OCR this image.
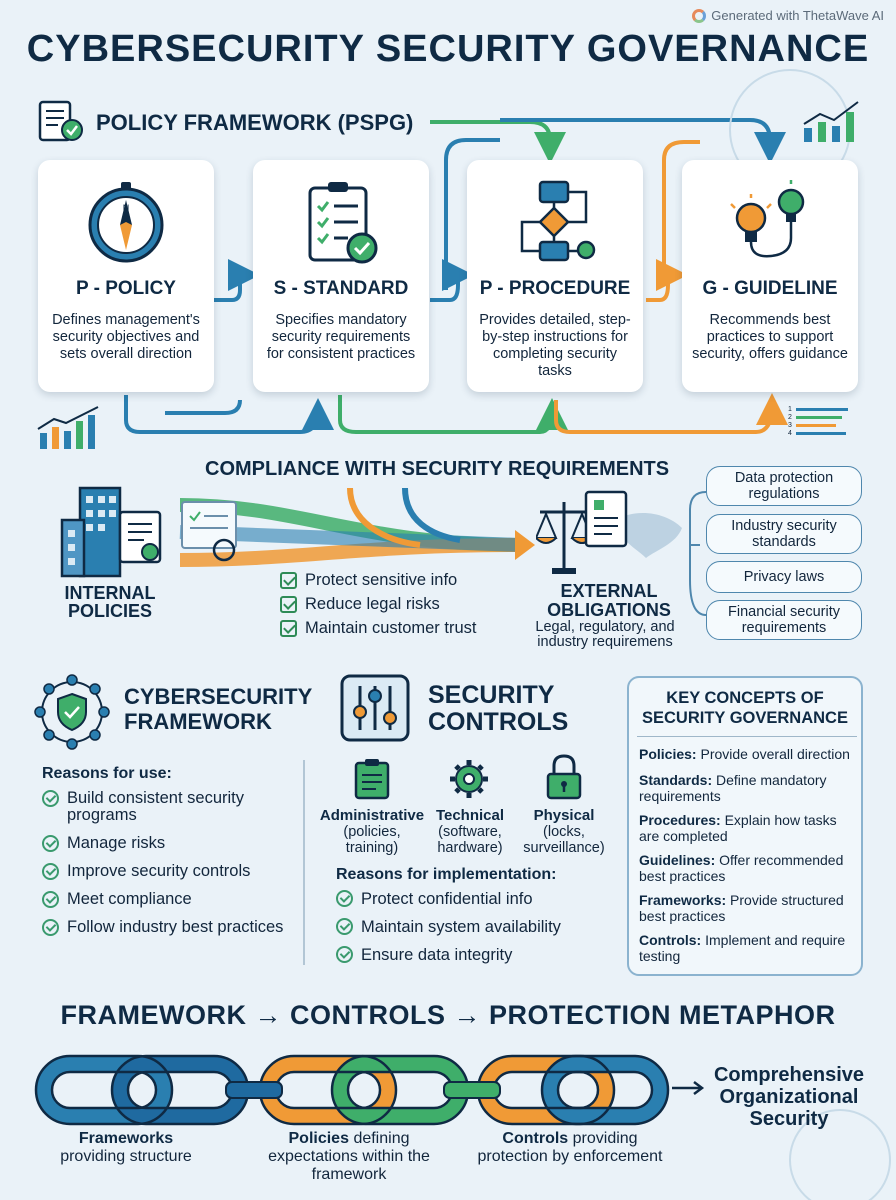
Generated with ThetaWave AI
CYBERSECURITY SECURITY GOVERNANCE
POLICY FRAMEWORK (PSPG)
N
P - POLICY
Defines management's security objectives and sets overall direction
S - STANDARD
Specifies mandatory security requirements for consistent practices
P - PROCEDURE
Provides detailed, step-by-step instructions for completing security tasks
G - GUIDELINE
Recommends best practices to support security, offers guidance
1
2
3
4
COMPLIANCE WITH SECURITY REQUIREMENTS
INTERNAL POLICIES
Protect sensitive info
Reduce legal risks
Maintain customer trust
EXTERNAL OBLIGATIONS
Legal, regulatory, and industry requiremens
Data protection regulations
Industry security standards
Privacy laws
Financial security requirements
CYBERSECURITY
FRAMEWORK
Reasons for use:
Build consistent security programs
Manage risks
Improve security controls
Meet compliance
Follow industry best practices
SECURITY
CONTROLS
Administrative
(policies, training)
Technical
(software, hardware)
Physical
(locks, surveillance)
Reasons for implementation:
Protect confidential info
Maintain system availability
Ensure data integrity
KEY CONCEPTS OF
SECURITY GOVERNANCE
Policies: Provide overall direction
Standards: Define mandatory requirements
Procedures: Explain how tasks are completed
Guidelines: Offer recommended best practices
Frameworks: Provide structured best practices
Controls: Implement and require testing
FRAMEWORK → CONTROLS → PROTECTION METAPHOR
Comprehensive Organizational Security
Frameworks
providing structure
Policies defining expectations within the framework
Controls providing protection by enforcement
